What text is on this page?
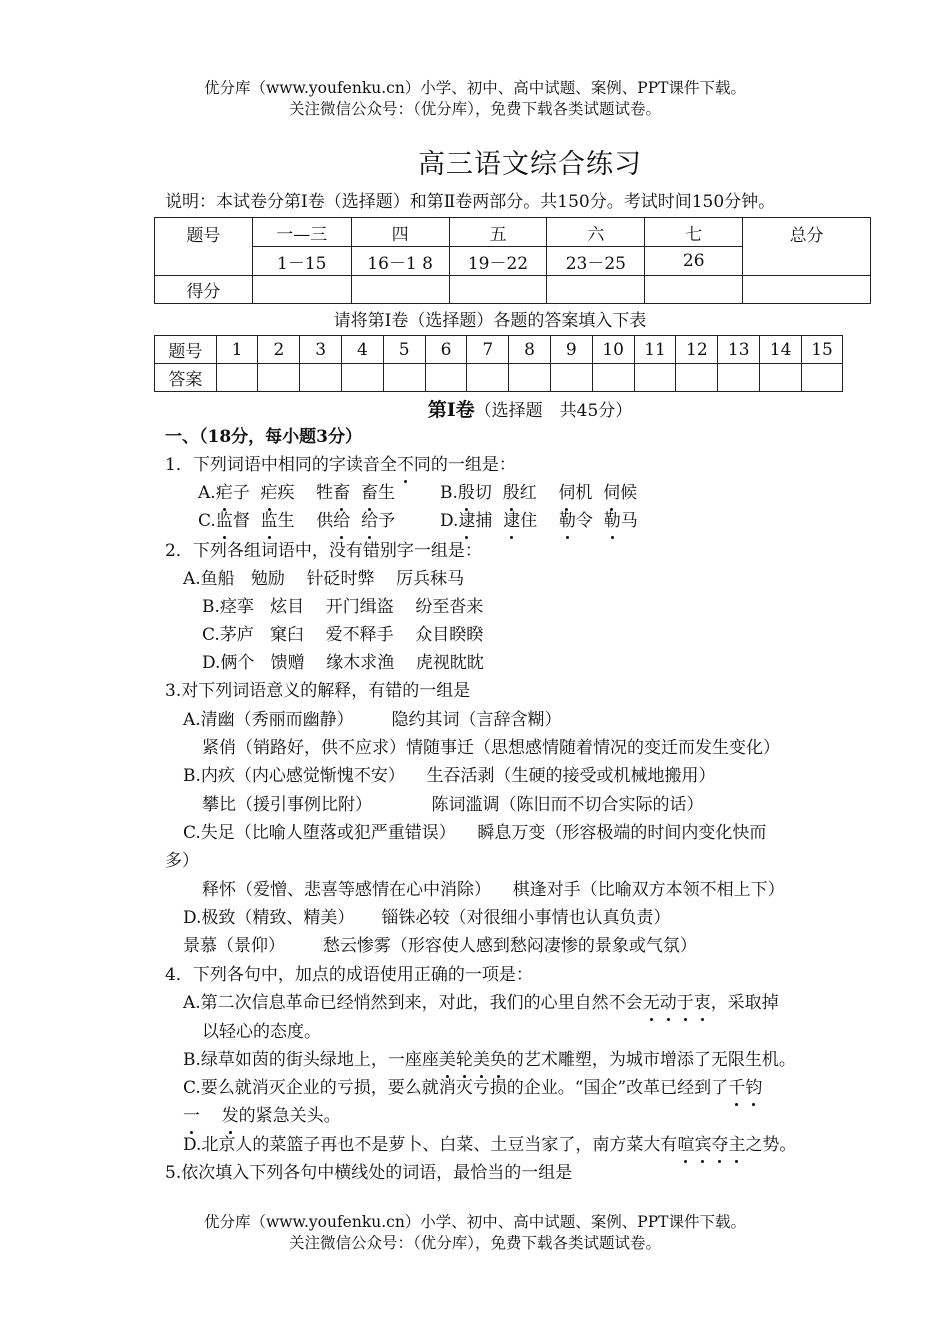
优分库（www.youfenku.cn）小学、初中、高中试题、案例、PPT课件下载。
关注微信公众号：（优分库），免费下载各类试题试卷。
高三语文综合练习
说明：本试卷分第Ⅰ卷（选择题）和第Ⅱ卷两部分。共150分。考试时间150分钟。
题号	一—三	四	五	六	七	总分
	1－15	16－1 8	19－22	23－25	26	
得分						
请将第Ⅰ卷（选择题）各题的答案填入下表
题号	1	2	3	4	5	6	7	8	9	10	11	12	13	14	15
答案															
第Ⅰ卷（选择题　共45分）
一、（18分，每小题3分）
1．下列词语中相同的字读音全不同的一组是：
A.疟子  疟疾    牲畜 畜生	B.殷切  殷红    伺机  伺候
C.监督  监生    供给 给予	D.逮捕  逮住    勒令  勒马
2．下列各组词语中，没有错别字一组是：
A.鱼船   勉励    针砭时弊    厉兵秣马
B.痉挛   炫目    开门缉盗    纷至沓来
C.茅庐   窠臼    爱不释手    众目睽睽
D.俩个   馈赠    缘木求渔    虎视眈眈
3.对下列词语意义的解释，有错的一组是
A.清幽（秀丽而幽静）       隐约其词（言辞含糊）
紧俏（销路好，供不应求）情随事迁（思想感情随着情况的变迁而发生变化）
B.内疚（内心感觉惭愧不安）    生吞活剥（生硬的接受或机械地搬用）
攀比（援引事例比附）           陈词滥调（陈旧而不切合实际的话）
C.失足（比喻人堕落或犯严重错误）    瞬息万变（形容极端的时间内变化快而
多）
释怀（爱憎、悲喜等感情在心中消除）    棋逢对手（比喻双方本领不相上下）
D.极致（精致、精美）     锱铢必较（对很细小事情也认真负责）
景慕（景仰）       愁云惨雾（形容使人感到愁闷凄惨的景象或气氛）
4．下列各句中，加点的成语使用正确的一项是：
A.第二次信息革命已经悄然到来，对此，我们的心里自然不会无动于衷，采取掉
以轻心的态度。
B.绿草如茵的街头绿地上，一座座美轮美奂的艺术雕塑，为城市增添了无限生机。
C.要么就消灭企业的亏损，要么就消灭亏损的企业。“国企”改革已经到了千钧
一 发的紧急关头。
D.北京人的菜篮子再也不是萝卜、白菜、土豆当家了，南方菜大有喧宾夺主之势。
5.依次填入下列各句中横线处的词语，最恰当的一组是
优分库（www.youfenku.cn）小学、初中、高中试题、案例、PPT课件下载。
关注微信公众号：（优分库），免费下载各类试题试卷。
